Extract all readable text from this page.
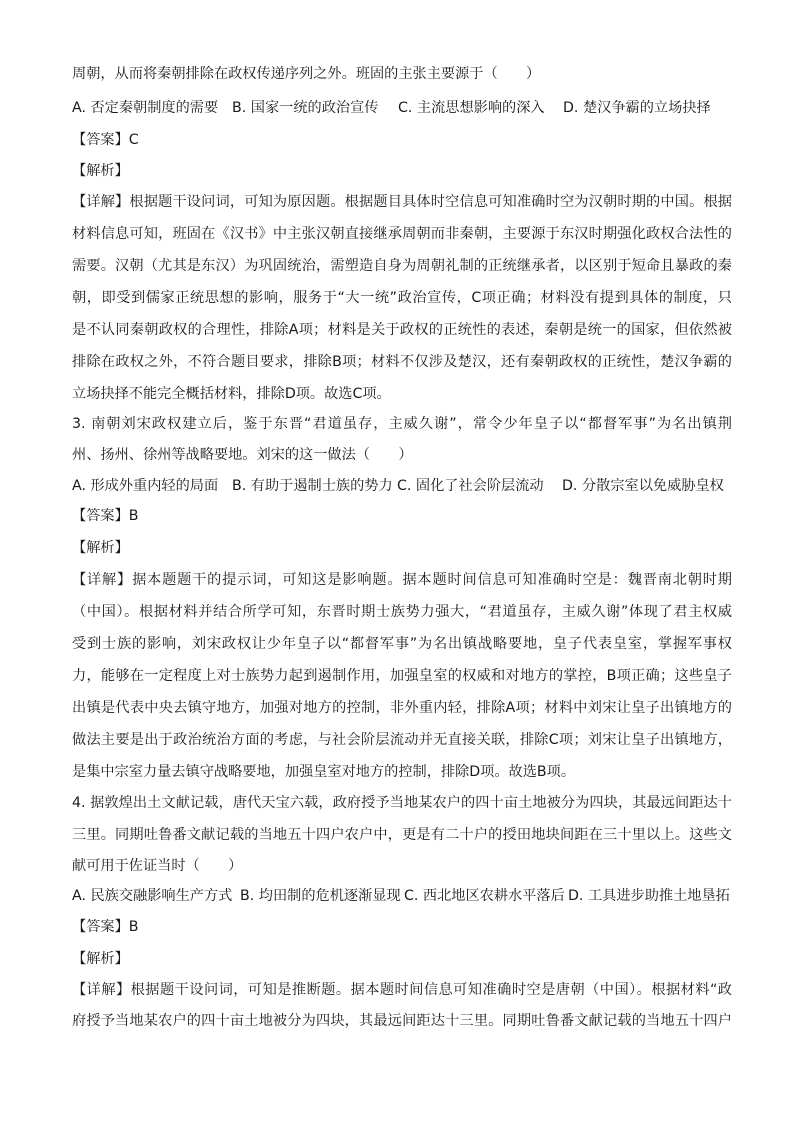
周朝，从而将秦朝排除在政权传递序列之外。班固的主张主要源于（　　）
A. 否定秦朝制度的需要 B. 国家一统的政治宣传	C. 主流思想影响的深入	D. 楚汉争霸的立场抉择
【答案】C
【解析】
【详解】根据题干设问词，可知为原因题。根据题目具体时空信息可知准确时空为汉朝时期的中国。根据
材料信息可知，班固在《汉书》中主张汉朝直接继承周朝而非秦朝，主要源于东汉时期强化政权合法性的
需要。汉朝（尤其是东汉）为巩固统治，需塑造自身为周朝礼制的正统继承者，以区别于短命且暴政的秦
朝，即受到儒家正统思想的影响，服务于“大一统”政治宣传，C项正确；材料没有提到具体的制度，只
是不认同秦朝政权的合理性，排除A项；材料是关于政权的正统性的表述，秦朝是统一的国家，但依然被
排除在政权之外，不符合题目要求，排除B项；材料不仅涉及楚汉，还有秦朝政权的正统性，楚汉争霸的
立场抉择不能完全概括材料，排除D项。故选C项。
3. 南朝刘宋政权建立后，鉴于东晋“君道虽存，主威久谢”，常令少年皇子以“都督军事”为名出镇荆
州、扬州、徐州等战略要地。刘宋的这一做法（　　）
A. 形成外重内轻的局面 B. 有助于遏制士族的势力 C. 固化了社会阶层流动	D. 分散宗室以免威胁皇权
【答案】B
【解析】
【详解】据本题题干的提示词，可知这是影响题。据本题时间信息可知准确时空是：魏晋南北朝时期
（中国）。根据材料并结合所学可知，东晋时期士族势力强大，“君道虽存，主威久谢”体现了君主权威
受到士族的影响，刘宋政权让少年皇子以“都督军事”为名出镇战略要地，皇子代表皇室，掌握军事权
力，能够在一定程度上对士族势力起到遏制作用，加强皇室的权威和对地方的掌控，B项正确；这些皇子
出镇是代表中央去镇守地方，加强对地方的控制，非外重内轻，排除A项；材料中刘宋让皇子出镇地方的
做法主要是出于政治统治方面的考虑，与社会阶层流动并无直接关联，排除C项；刘宋让皇子出镇地方，
是集中宗室力量去镇守战略要地，加强皇室对地方的控制，排除D项。故选B项。
4. 据敦煌出土文献记载，唐代天宝六载，政府授予当地某农户的四十亩土地被分为四块，其最远间距达十
三里。同期吐鲁番文献记载的当地五十四户农户中，更是有二十户的授田地块间距在三十里以上。这些文
献可用于佐证当时（　　）
A. 民族交融影响生产方式 B. 均田制的危机逐渐显现 C. 西北地区农耕水平落后 D. 工具进步助推土地垦拓
【答案】B
【解析】
【详解】根据题干设问词，可知是推断题。据本题时间信息可知准确时空是唐朝（中国）。根据材料“政
府授予当地某农户的四十亩土地被分为四块，其最远间距达十三里。同期吐鲁番文献记载的当地五十四户
